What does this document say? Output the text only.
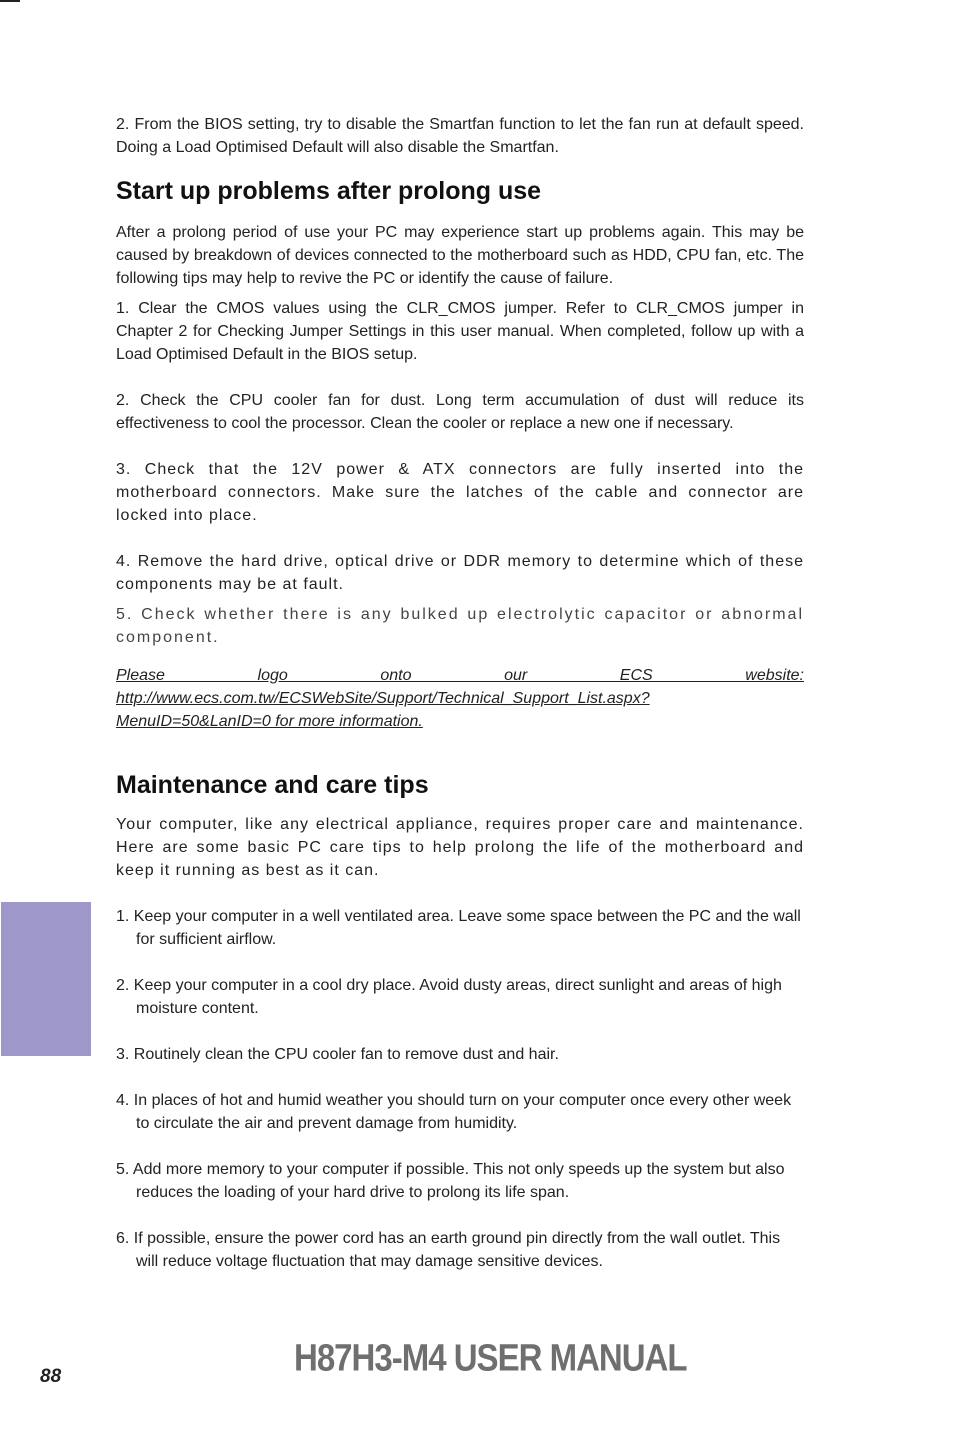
2. From the BIOS setting, try to disable the Smartfan function to let the fan run at default speed. Doing a Load Optimised Default will also disable the Smartfan.

Start up problems after prolong use

After a prolong period of use your PC may experience start up problems again. This may be caused by breakdown of devices connected to the motherboard such as HDD, CPU fan, etc. The following tips may help to revive the PC or identify the cause of failure.

1. Clear the CMOS values using the CLR_CMOS jumper. Refer to CLR_CMOS jumper in Chapter 2 for Checking Jumper Settings in this user manual. When completed, follow up with a Load Optimised Default in the BIOS setup.

2. Check the CPU cooler fan for dust. Long term accumulation of dust will reduce its effectiveness to cool the processor. Clean the cooler or replace a new one if necessary.

3. Check that the 12V power & ATX connectors are fully inserted into the motherboard connectors. Make sure the latches of the cable and connector are locked into place.

4. Remove the hard drive, optical drive or DDR memory to determine which of these components may be at fault.

5. Check whether there is any bulked up electrolytic capacitor or abnormal component.

Please logo onto our ECS website: http://www.ecs.com.tw/ECSWebSite/Support/Technical_Support_List.aspx?MenuID=50&LanID=0 for more information.

Maintenance and care tips

Your computer, like any electrical appliance, requires proper care and maintenance. Here are some basic PC care tips to help prolong the life of the motherboard and keep it running as best as it can.

1. Keep your computer in a well ventilated area. Leave some space between the PC and the wall for sufficient airflow.

2. Keep your computer in a cool dry place. Avoid dusty areas, direct sunlight and areas of high moisture content.

3. Routinely clean the CPU cooler fan to remove dust and hair.

4. In places of hot and humid weather you should turn on your computer once every other week to circulate the air and prevent damage from humidity.

5. Add more memory to your computer if possible. This not only speeds up the system but also reduces the loading of your hard drive to prolong its life span.

6. If possible, ensure the power cord has an earth ground pin directly from the wall outlet. This will reduce voltage fluctuation that may damage sensitive devices.

88	H87H3-M4 USER MANUAL
